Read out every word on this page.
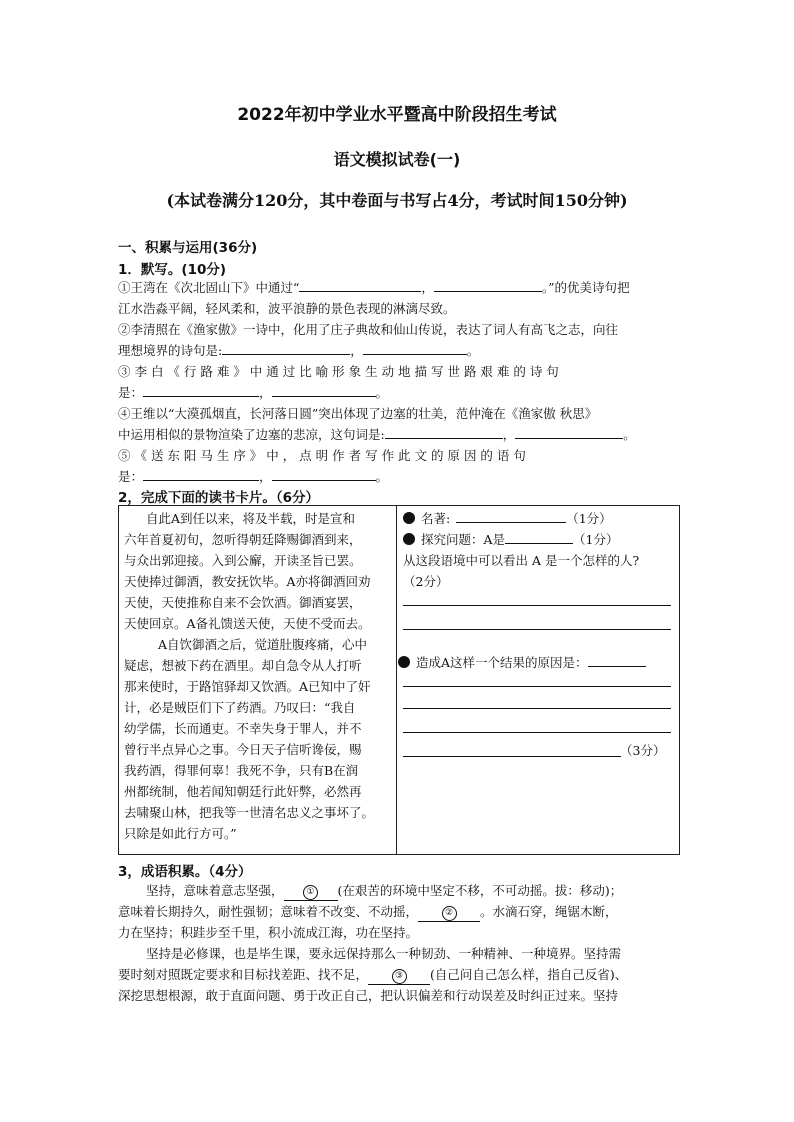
2022年初中学业水平暨高中阶段招生考试
语文模拟试卷(一)
(本试卷满分120分，其中卷面与书写占4分，考试时间150分钟)
一、积累与运用(36分)
1．默写。(10分)
①王湾在《次北固山下》中通过“	，	。”的优美诗句把
江水浩淼平阔，轻风柔和，波平浪静的景色表现的淋漓尽致。
②李清照在《渔家傲》一诗中，化用了庄子典故和仙山传说，表达了词人有高飞之志，向往
理想境界的诗句是:	，	。
③ 李 白 《 行 路 难 》 中 通 过 比 喻 形 象 生 动 地 描 写 世 路 艰 难 的 诗 句
是：	，	。
④王维以“大漠孤烟直，长河落日圆”突出体现了边塞的壮美，范仲淹在《渔家傲 秋思》
中运用相似的景物渲染了边塞的悲凉，这句词是:	，	。
⑤ 《 送 东 阳 马 生 序 》 中 ， 点 明 作 者 写 作 此 文 的 原 因 的 语 句
是：	，	。
2，完成下面的读书卡片。（6分）
自此A到任以来，将及半载，时是宣和
六年首夏初旬，忽听得朝廷降赐御酒到来，
与众出郭迎接。入到公廨，开读圣旨已罢。
天使捧过御酒，教安抚饮毕。A亦将御酒回劝
天使，天使推称自来不会饮酒。御酒宴罢，
天使回京。A备礼馈送天使，天使不受而去。
A自饮御酒之后，觉道肚腹疼痛，心中
疑虑，想被下药在酒里。却自急令从人打听
那来使时，于路馆驿却又饮酒。A已知中了奸
计，必是贼臣们下了药酒。乃叹曰：“我自
幼学儒，长而通吏。不幸失身于罪人，并不
曾行半点异心之事。今日天子信听谗佞，赐
我药酒，得罪何辜！我死不争，只有B在润
州都统制，他若闻知朝廷行此奸弊，必然再
去啸聚山林，把我等一世清名忠义之事坏了。
只除是如此行方可。”
名著:	（1分）
探究问题：A是	（1分）
从这段语境中可以看出 A 是一个怎样的人?
（2分）
造成A这样一个结果的原因是：
（3分）
3，成语积累。（4分）
坚持，意味着意志坚强，	① (在艰苦的环境中坚定不移，不可动摇。拔：移动)；
意味着长期持久，耐性强韧；意味着不改变、不动摇，	② 。水滴石穿，绳锯木断，
力在坚持；积跬步至千里，积小流成江海，功在坚持。
坚持是必修课，也是毕生课，要永远保持那么一种韧劲、一种精神、一种境界。坚持需
要时刻对照既定要求和目标找差距、找不足，	③ (自己问自己怎么样，指自己反省)、
深挖思想根源，敢于直面问题、勇于改正自己，把认识偏差和行动误差及时纠正过来。坚持
